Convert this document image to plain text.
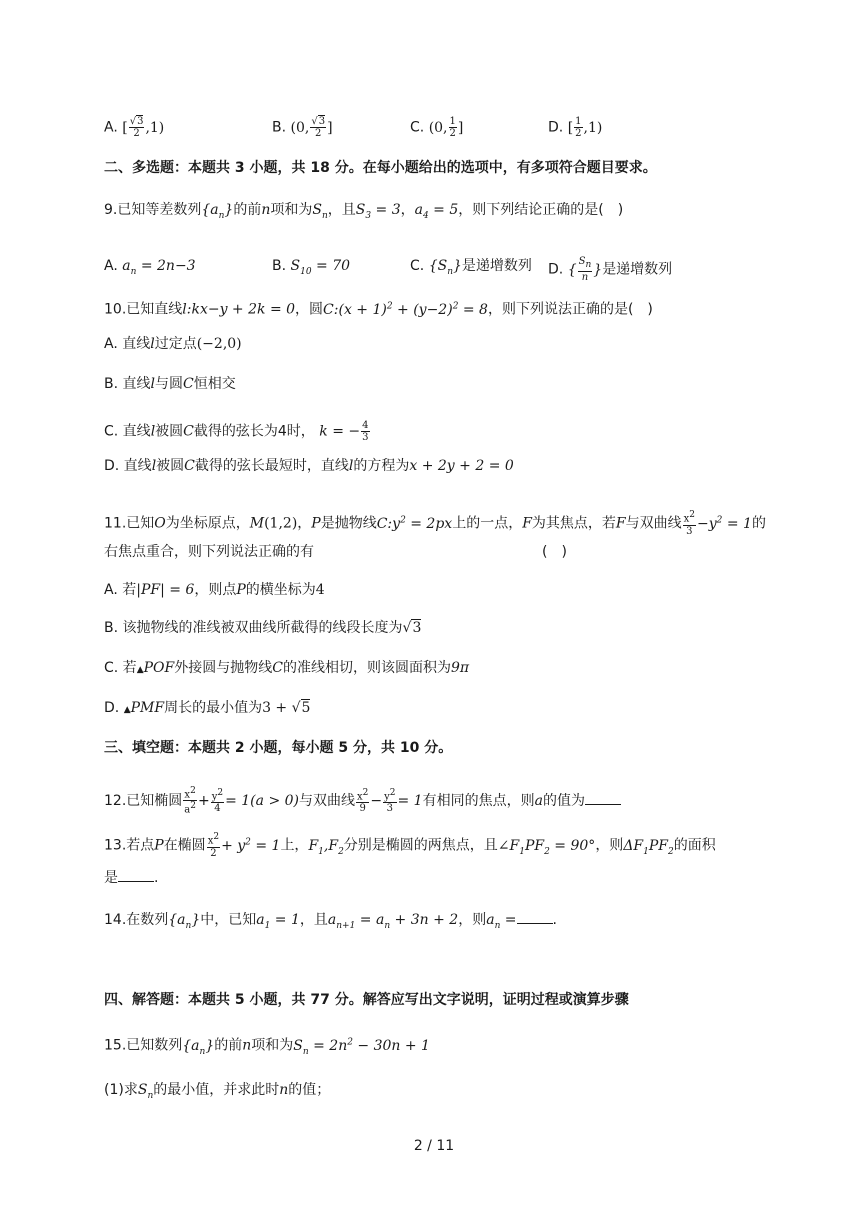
A. [ $\frac{√3}{2} ,1$)	B. (0, $\frac{√3}{2}$ ]	C. (0, $\frac{1}{2}$ ]	D. [ $\frac{1}{2} ,1$)
二、多选题：本题共 3 小题，共 18 分。在每小题给出的选项中，有多项符合题目要求。
9.已知等差数列$\{a_n\}$的前n项和为$S_n$，且$S_3 = 3$，$a_4 = 5$，则下列结论正确的是(　)
A. $a_n = 2n-3$	B. $S_{10} = 70$	C. $\{S_n\}$是递增数列 D. { $\frac{S_n}{n}$ }是递增数列
10.已知直线l:kx−y + 2k = 0，圆C:(x + $1)^2 + (y-2)^2 = 8$，则下列说法正确的是(　)
A. 直线l过定点(−2,0)
B. 直线l与圆C恒相交
C. 直线l被圆C截得的弦长为4时， k = − $\frac{4}{3}$
D. 直线l被圆C截得的弦长最短时，直线l的方程为x + 2y + 2 = 0
11.已知O为坐标原点，M(1,2)，P是抛物线$C:y^2 = 2px$上的一点，F为其焦点，若F与双曲线 $\frac{x^2}{3} -y^2 = 1$的
右焦点重合，则下列说法正确的有	(　)
A. 若|PF| = 6，则点P的横坐标为4
B. 该抛物线的准线被双曲线所截得的线段长度为√3
C. 若▲POF外接圆与抛物线C的准线相切，则该圆面积为9π
D. ▲PMF周长的最小值为3 + √5
三、填空题：本题共 2 小题，每小题 5 分，共 10 分。
12.已知椭圆 $\frac{x^2}{a^2} + \frac{y^2}{4} = 1(a > 0)$与双曲线 $\frac{x^2}{9} - \frac{y^2}{3} = 1$有相同的焦点，则a的值为
13.若点P在椭圆 $\frac{x^2}{2} + y^2 = 1$上，$F_1,F_2$分别是椭圆的两焦点，且$\angle F_1PF_2 = 90^\circ$，则$\Delta F_1PF_2$的面积
是	.
14.在数列$\{a_n\}$中，已知$a_1 = 1$，且$a_{n+1} = a_n + 3n + 2$，则$a_n$ =	.
四、解答题：本题共 5 小题，共 77 分。解答应写出文字说明，证明过程或演算步骤
15.已知数列$\{a_n\}$的前n项和为$S_n = 2n^2 - 30n + 1$
(1)求$S_n$的最小值，并求此时n的值；
2 / 11
